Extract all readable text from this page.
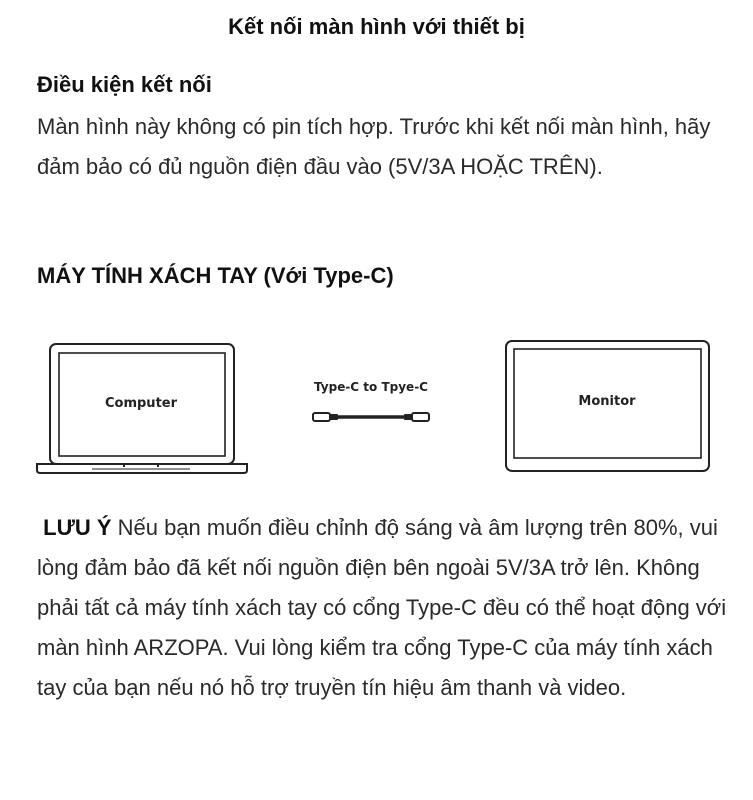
Kết nối màn hình với thiết bị
Điều kiện kết nối
Màn hình này không có pin tích hợp. Trước khi kết nối màn hình, hãy đảm bảo có đủ nguồn điện đầu vào (5V/3A HOẶC TRÊN).
MÁY TÍNH XÁCH TAY (Với Type-C)
Computer
Type-C to Tpye-C
Monitor
LƯU Ý Nếu bạn muốn điều chỉnh độ sáng và âm lượng trên 80%, vui lòng đảm bảo đã kết nối nguồn điện bên ngoài 5V/3A trở lên. Không phải tất cả máy tính xách tay có cổng Type-C đều có thể hoạt động với màn hình ARZOPA. Vui lòng kiểm tra cổng Type-C của máy tính xách tay của bạn nếu nó hỗ trợ truyền tín hiệu âm thanh và video.
